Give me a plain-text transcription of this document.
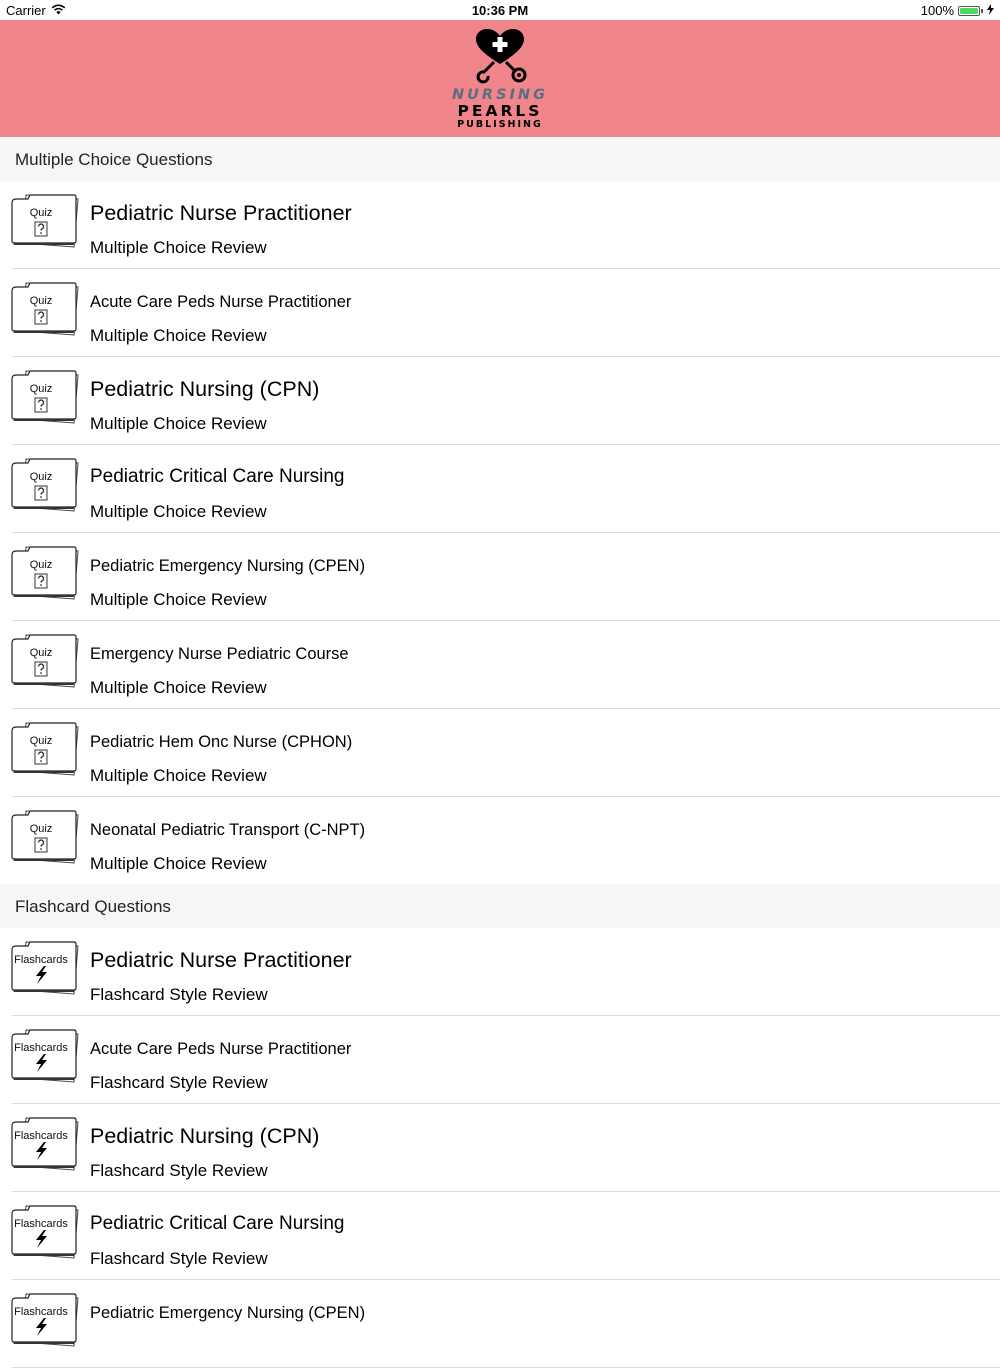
Carrier	10:36 PM	100%
NURSING
PEARLS
PUBLISHING
Multiple Choice Questions
Quiz	Pediatric Nurse Practitioner
Multiple Choice Review
Quiz	Acute Care Peds Nurse Practitioner
Multiple Choice Review
Quiz	Pediatric Nursing (CPN)
Multiple Choice Review
Quiz	Pediatric Critical Care Nursing
Multiple Choice Review
Quiz	Pediatric Emergency Nursing (CPEN)
Multiple Choice Review
Quiz	Emergency Nurse Pediatric Course
Multiple Choice Review
Quiz	Pediatric Hem Onc Nurse (CPHON)
Multiple Choice Review
Quiz	Neonatal Pediatric Transport (C-NPT)
Multiple Choice Review
Flashcard Questions
Flashcards Pediatric Nurse Practitioner
Flashcard Style Review
Flashcards Acute Care Peds Nurse Practitioner
Flashcard Style Review
Flashcards Pediatric Nursing (CPN)
Flashcard Style Review
Flashcards Pediatric Critical Care Nursing
Flashcard Style Review
Flashcards Pediatric Emergency Nursing (CPEN)
